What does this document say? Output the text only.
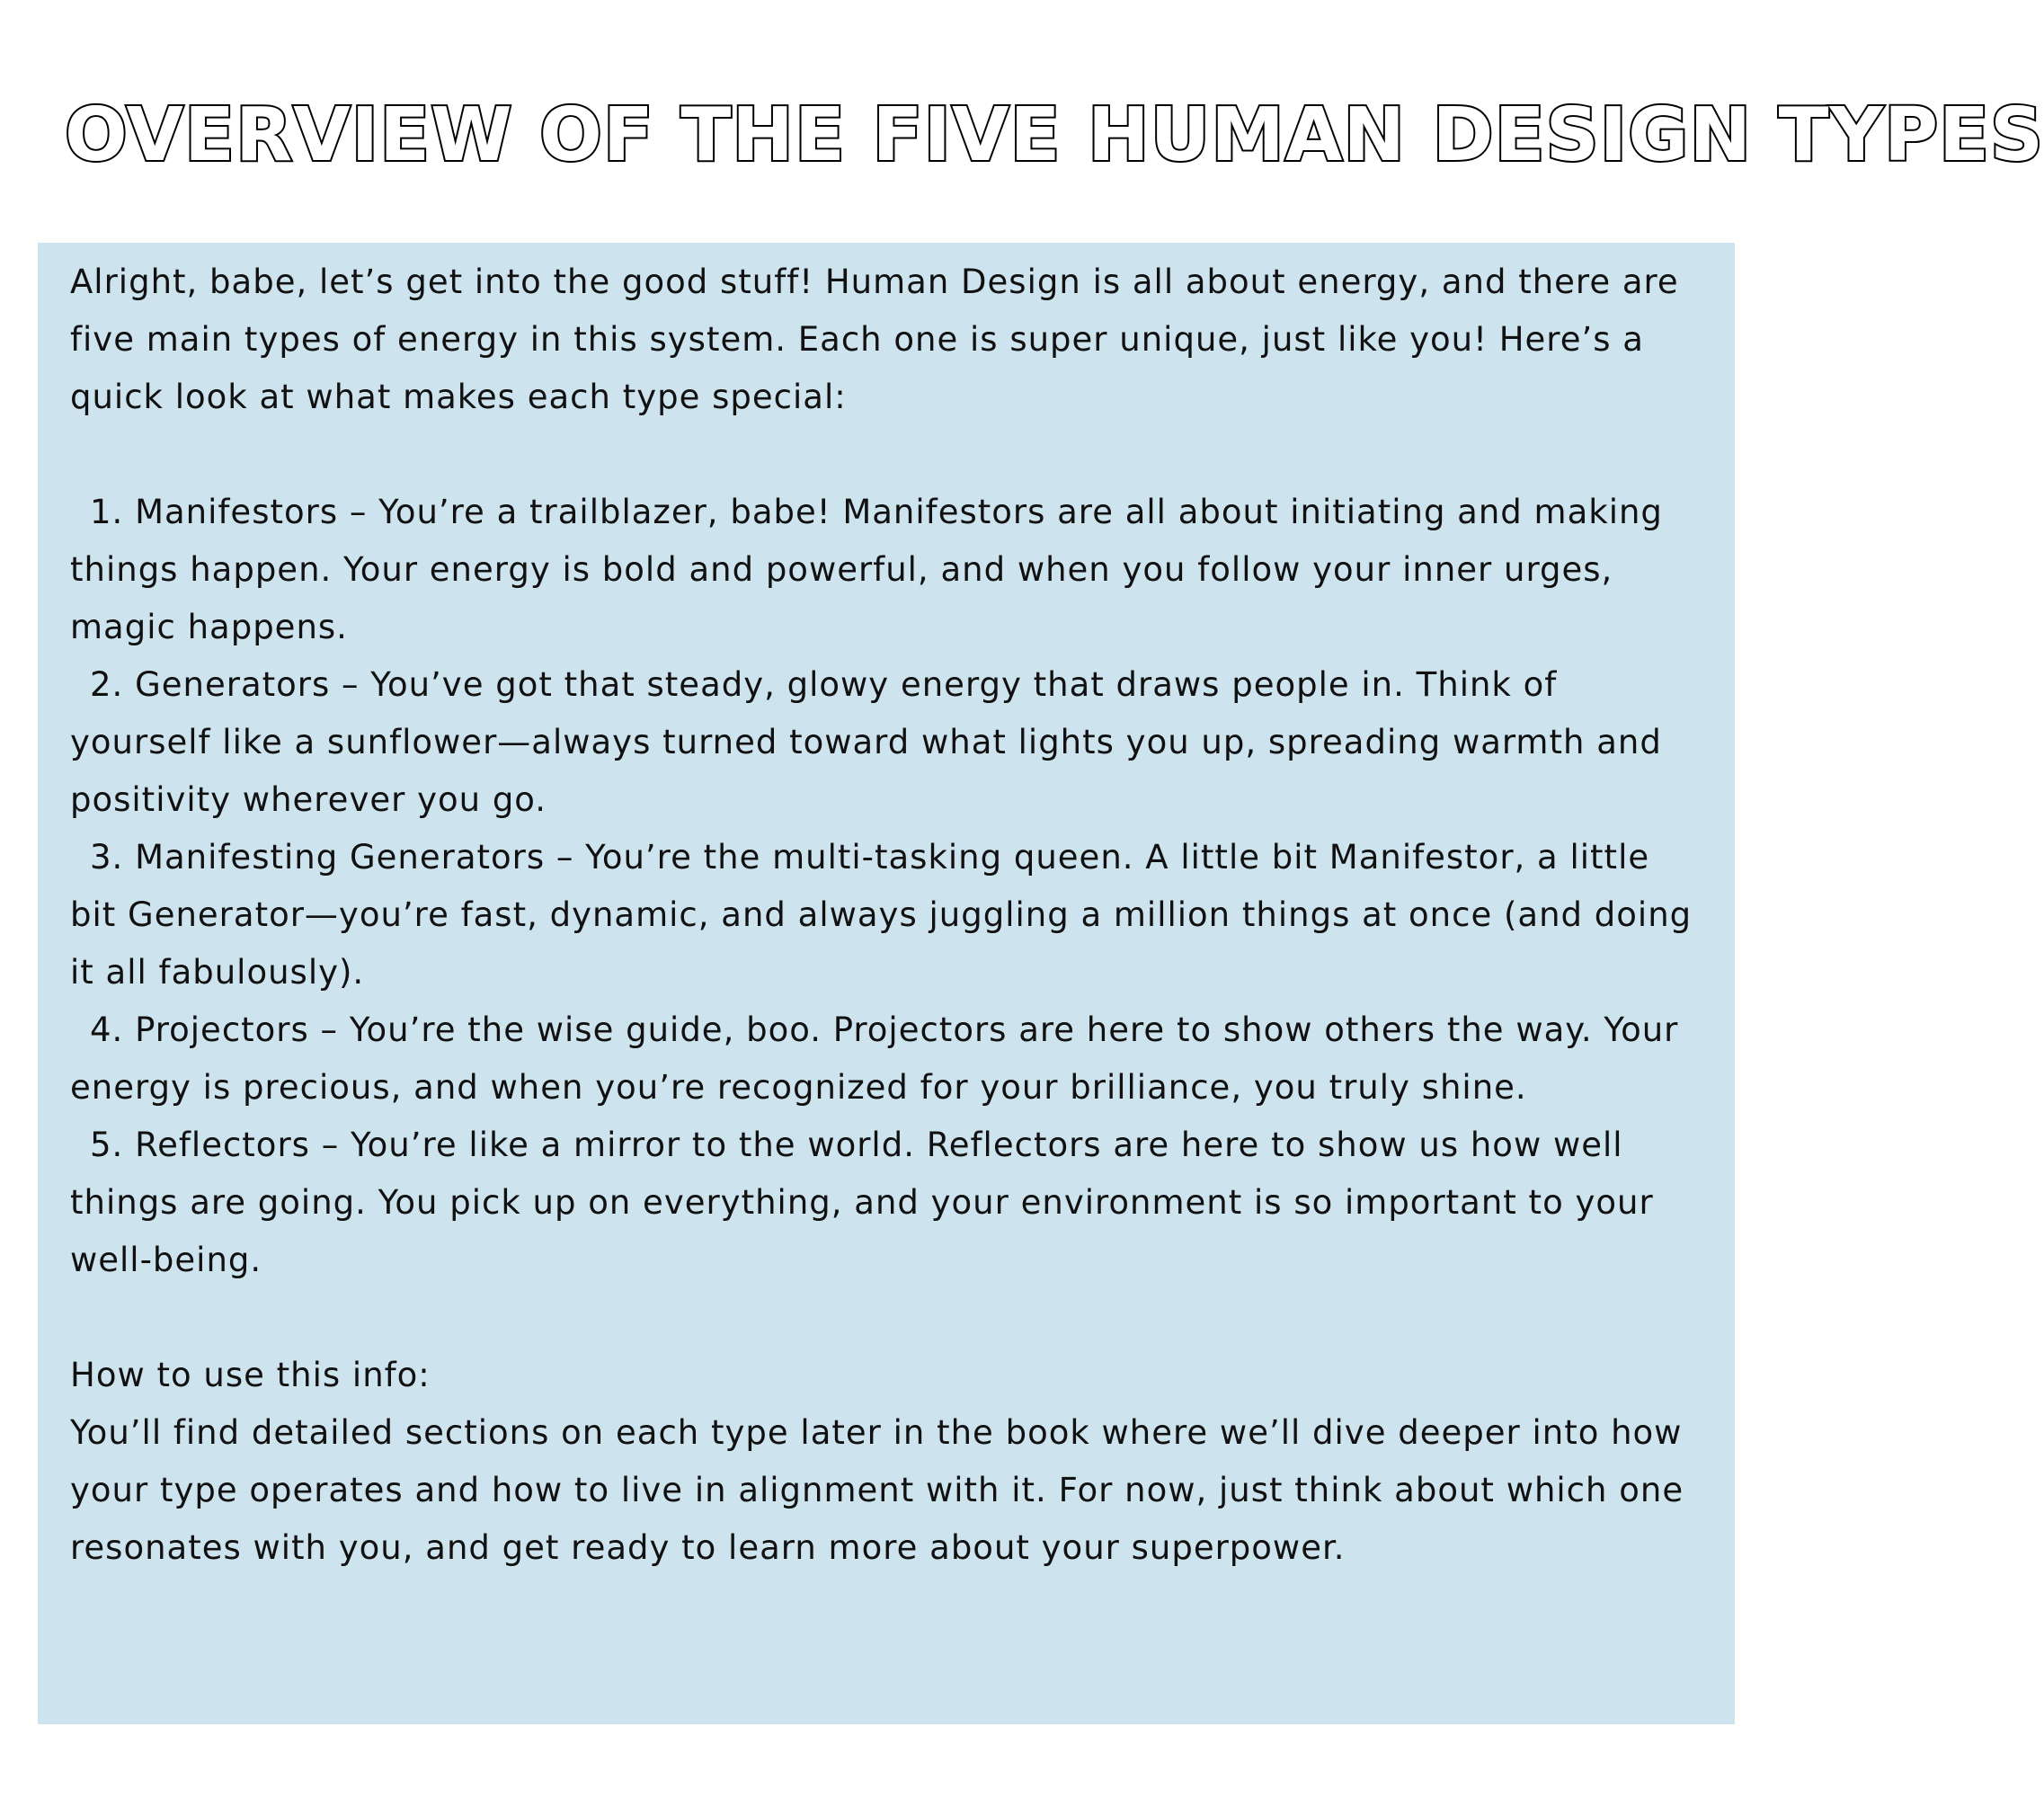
OVERVIEW OF THE FIVE HUMAN DESIGN TYPES

Alright, babe, let’s get into the good stuff! Human Design is all about energy, and there are five main types of energy in this system. Each one is super unique, just like you! Here’s a quick look at what makes each type special:

1. Manifestors – You’re a trailblazer, babe! Manifestors are all about initiating and making things happen. Your energy is bold and powerful, and when you follow your inner urges, magic happens.

2. Generators – You’ve got that steady, glowy energy that draws people in. Think of yourself like a sunflower—always turned toward what lights you up, spreading warmth and positivity wherever you go.

3. Manifesting Generators – You’re the multi-tasking queen. A little bit Manifestor, a little bit Generator—you’re fast, dynamic, and always juggling a million things at once (and doing it all fabulously).

4. Projectors – You’re the wise guide, boo. Projectors are here to show others the way. Your energy is precious, and when you’re recognized for your brilliance, you truly shine.

5. Reflectors – You’re like a mirror to the world. Reflectors are here to show us how well things are going. You pick up on everything, and your environment is so important to your well-being.

How to use this info:

You’ll find detailed sections on each type later in the book where we’ll dive deeper into how your type operates and how to live in alignment with it. For now, just think about which one resonates with you, and get ready to learn more about your superpower.
